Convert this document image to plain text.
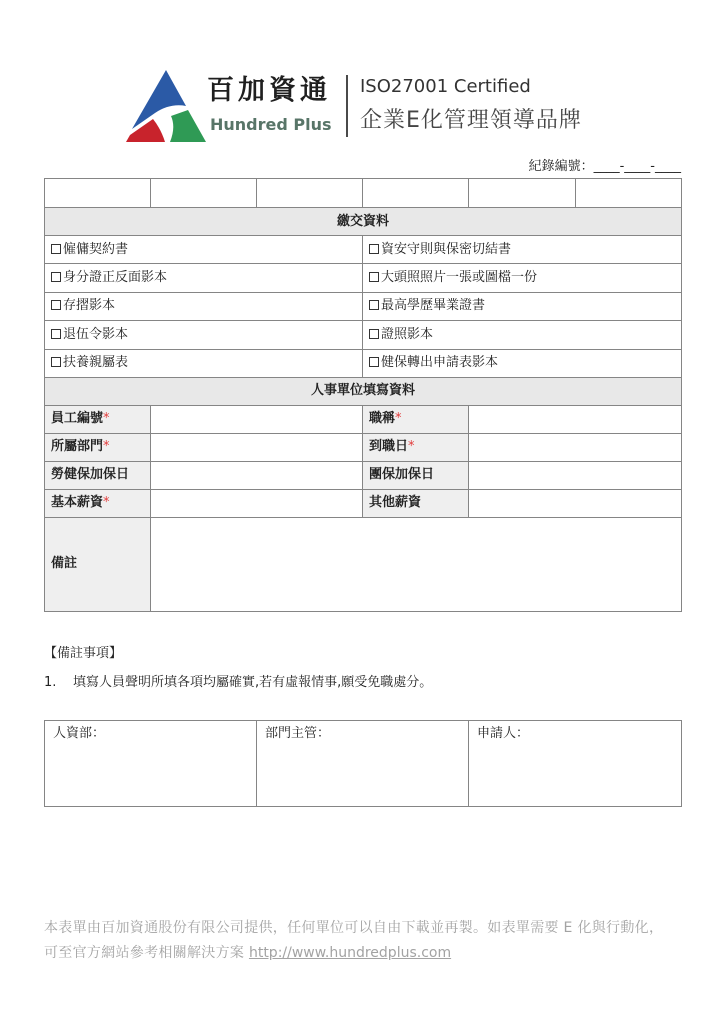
百加資通
Hundred Plus
ISO27001 Certified
企業E化管理領導品牌
紀錄編號：____-____-____

繳交資料					
僱傭契約書			資安守則與保密切結書		
身分證正反面影本			大頭照照片一張或圖檔一份		
存摺影本			最高學歷畢業證書		
退伍令影本			證照影本		
扶養親屬表			健保轉出申請表影本		
人事單位填寫資料					
員工編號*			職稱*		
所屬部門*			到職日*		
勞健保加保日			團保加保日		
基本薪資*			其他薪資		
備註					
【備註事項】
1. 填寫人員聲明所填各項均屬確實,若有虛報情事,願受免職處分。
人資部：	部門主管：	申請人：
本表單由百加資通股份有限公司提供，任何單位可以自由下載並再製。如表單需要 E 化與行動化，
可至官方網站參考相關解決方案 http://www.hundredplus.com
